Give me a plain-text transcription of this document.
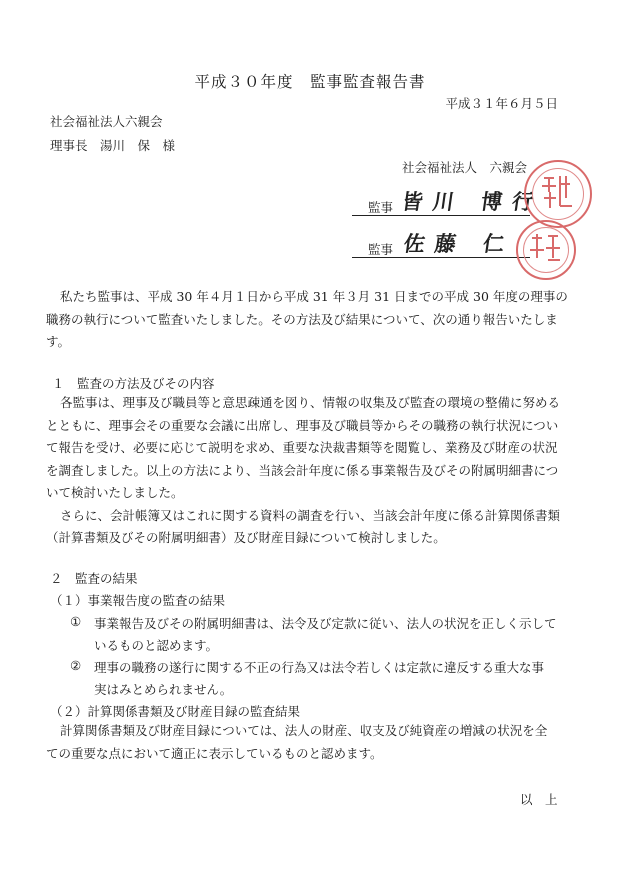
平成３０年度　監事監査報告書
平成３１年６月５日
社会福祉法人六親会
理事長　湯川　保　様
社会福祉法人　六親会
監事 皆川 博行
監事 佐藤 仁
私たち監事は、平成 30 年４月１日から平成 31 年３月 31 日までの平成 30 年度の理事の
職務の執行について監査いたしました。その方法及び結果について、次の通り報告いたしま
す。
１　監査の方法及びその内容
各監事は、理事及び職員等と意思疎通を図り、情報の収集及び監査の環境の整備に努める
とともに、理事会その重要な会議に出席し、理事及び職員等からその職務の執行状況につい
て報告を受け、必要に応じて説明を求め、重要な決裁書類等を閲覧し、業務及び財産の状況
を調査しました。以上の方法により、当該会計年度に係る事業報告及びその附属明細書につ
いて検討いたしました。
さらに、会計帳簿又はこれに関する資料の調査を行い、当該会計年度に係る計算関係書類
（計算書類及びその附属明細書）及び財産目録について検討しました。
２　監査の結果
（１）事業報告度の監査の結果
① 事業報告及びその附属明細書は、法令及び定款に従い、法人の状況を正しく示して
いるものと認めます。
② 理事の職務の遂行に関する不正の行為又は法令若しくは定款に違反する重大な事
実はみとめられません。
（２）計算関係書類及び財産目録の監査結果
計算関係書類及び財産目録については、法人の財産、収支及び純資産の増減の状況を全
ての重要な点において適正に表示しているものと認めます。
以　上
